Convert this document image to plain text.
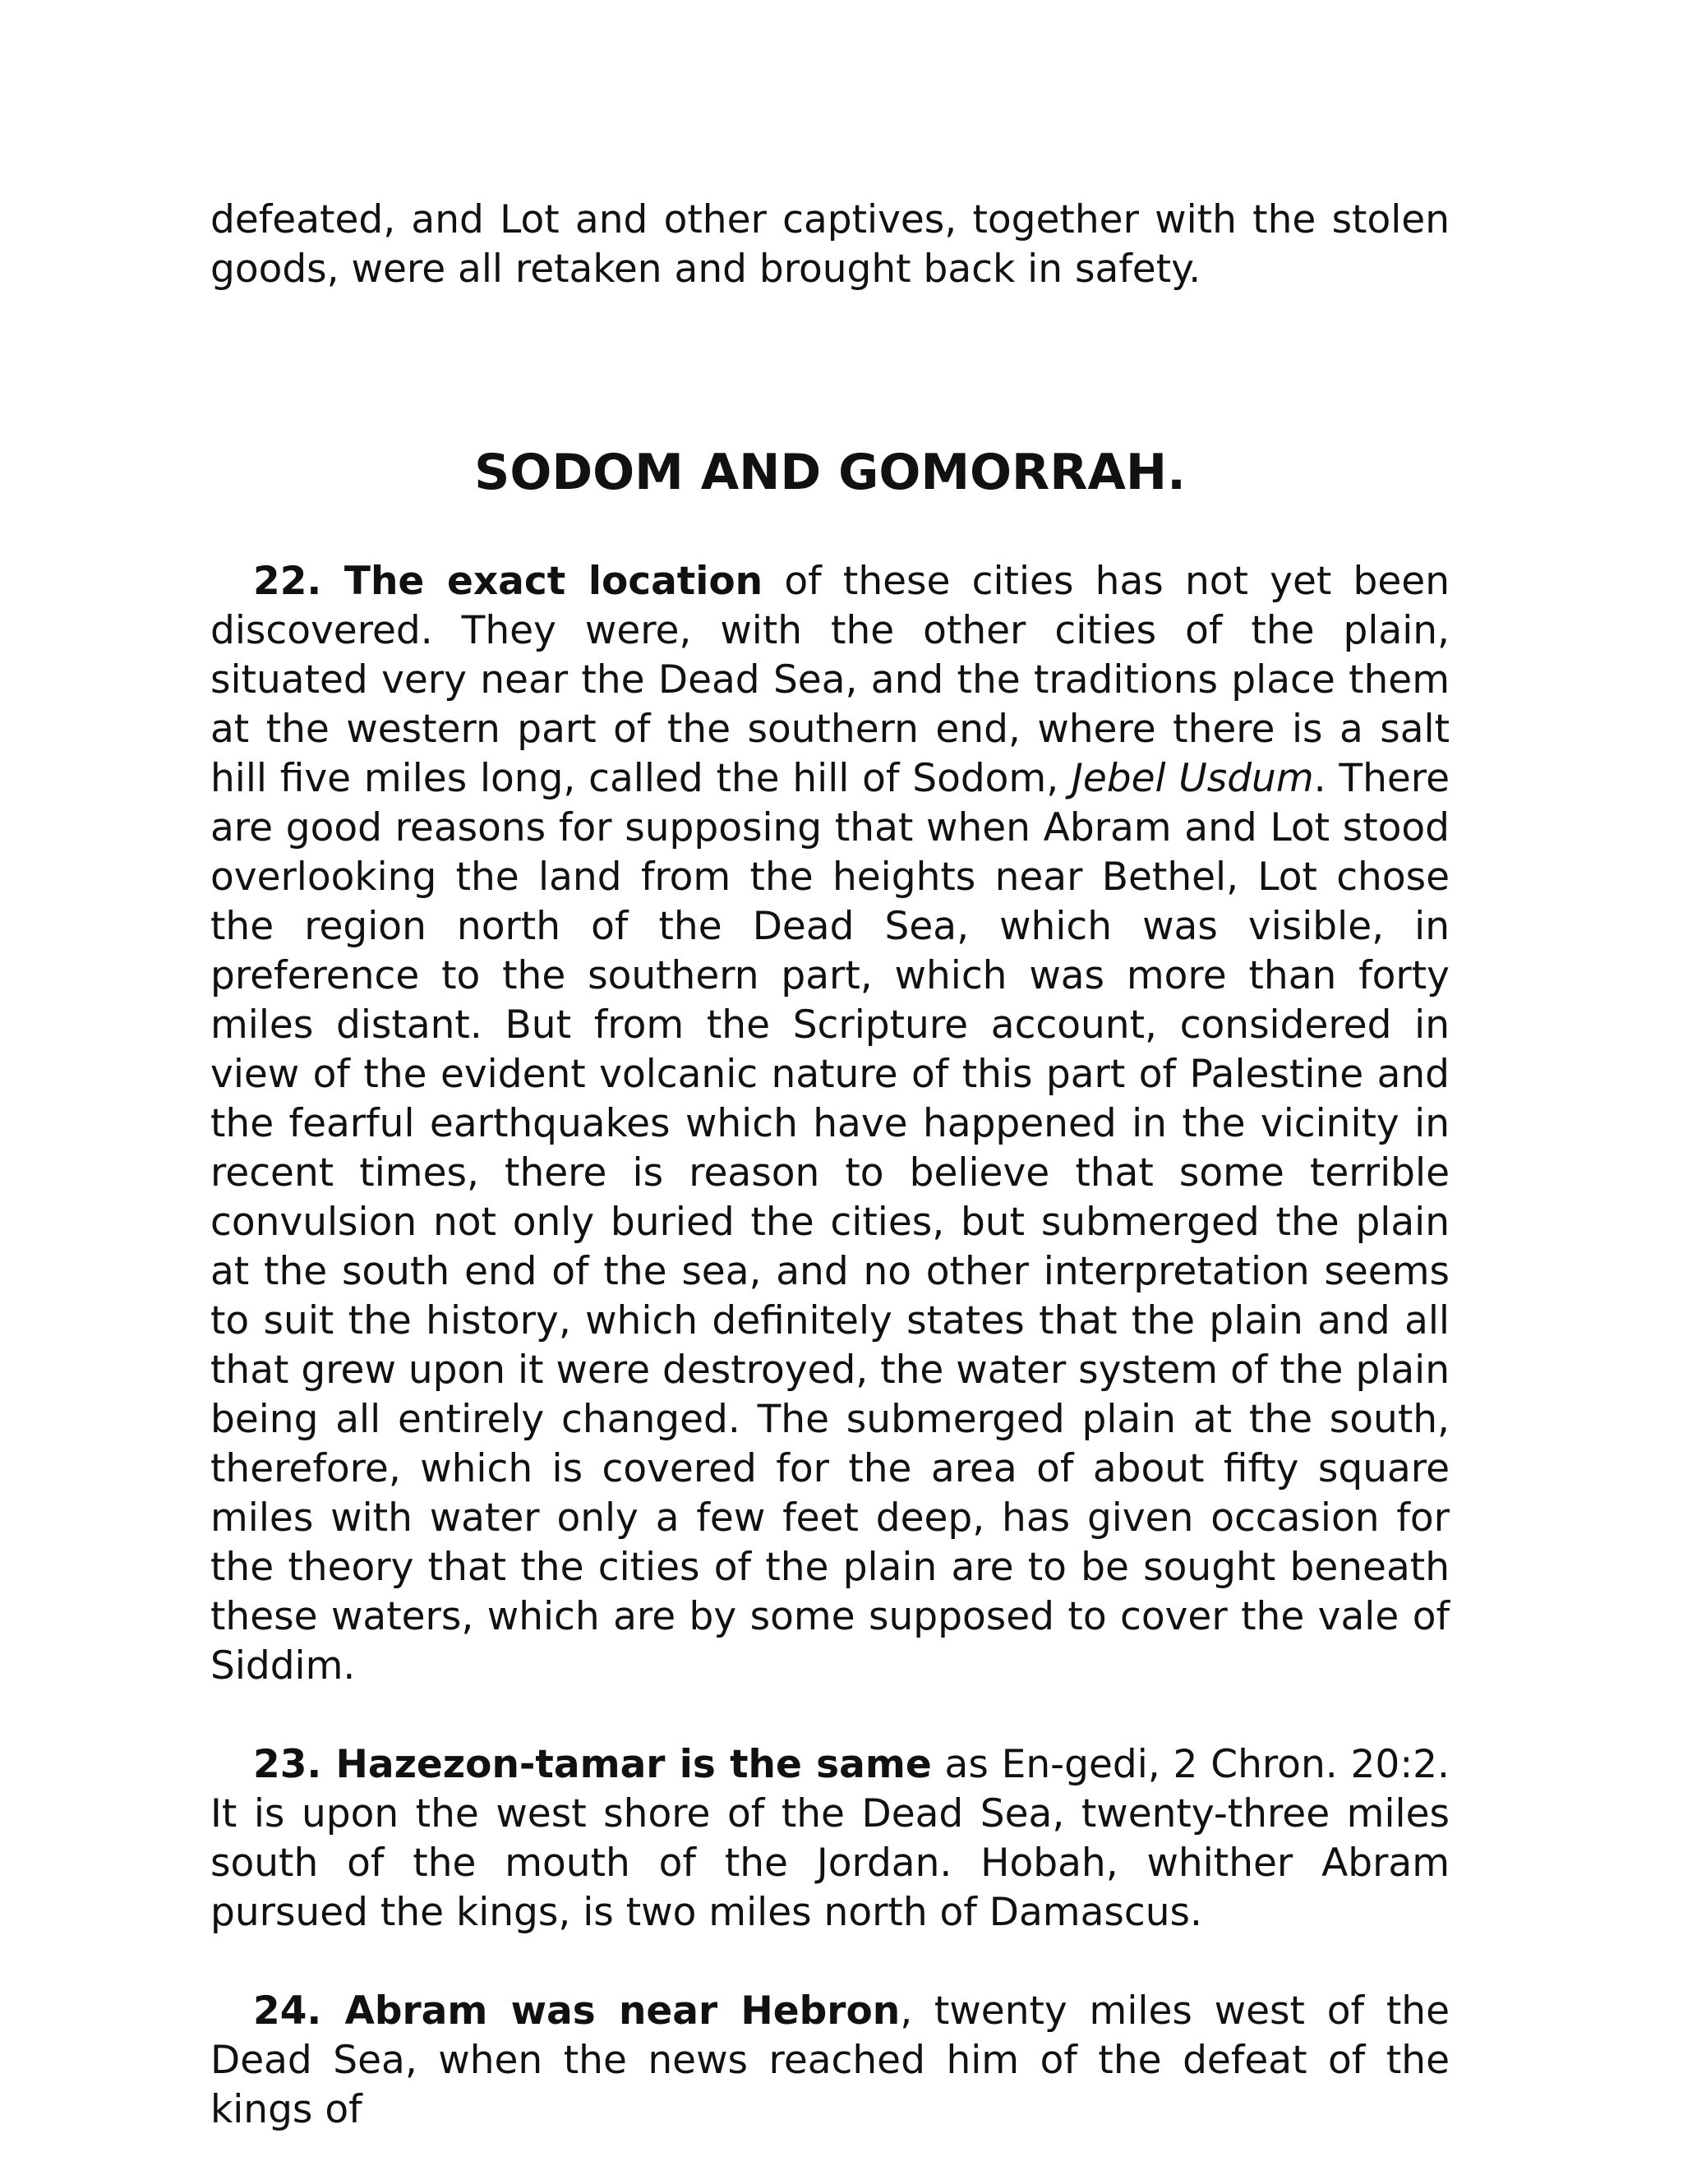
defeated, and Lot and other captives, together with the stolen goods, were all retaken and brought back in safety.

SODOM AND GOMORRAH.

22. The exact location of these cities has not yet been discovered. They were, with the other cities of the plain, situated very near the Dead Sea, and the traditions place them at the western part of the southern end, where there is a salt hill five miles long, called the hill of Sodom, Jebel Usdum. There are good reasons for supposing that when Abram and Lot stood overlooking the land from the heights near Bethel, Lot chose the region north of the Dead Sea, which was visible, in preference to the southern part, which was more than forty miles distant. But from the Scripture account, considered in view of the evident volcanic nature of this part of Palestine and the fearful earthquakes which have happened in the vicinity in recent times, there is reason to believe that some terrible convulsion not only buried the cities, but submerged the plain at the south end of the sea, and no other interpretation seems to suit the history, which definitely states that the plain and all that grew upon it were destroyed, the water system of the plain being all entirely changed. The submerged plain at the south, therefore, which is covered for the area of about fifty square miles with water only a few feet deep, has given occasion for the theory that the cities of the plain are to be sought beneath these waters, which are by some supposed to cover the vale of Siddim.

23. Hazezon-tamar is the same as En-gedi, 2 Chron. 20:2. It is upon the west shore of the Dead Sea, twenty-three miles south of the mouth of the Jordan. Hobah, whither Abram pursued the kings, is two miles north of Damascus.

24. Abram was near Hebron, twenty miles west of the Dead Sea, when the news reached him of the defeat of the kings of
